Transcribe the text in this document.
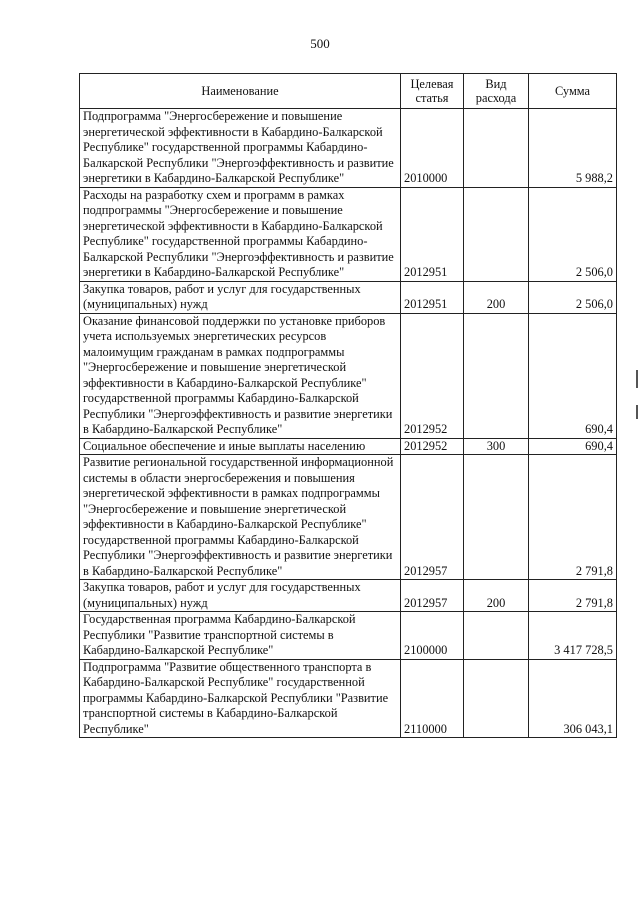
500
Наименование	Целевая статья	Вид расхода	Сумма
Подпрограмма "Энергосбережение и повышение энергетической эффективности в Кабардино-Балкарской Республике" государственной программы Кабардино-Балкарской Республики "Энергоэффективность и развитие энергетики в Кабардино-Балкарской Республике"	2010000		5 988,2
Расходы на разработку схем и программ в рамках подпрограммы "Энергосбережение и повышение энергетической эффективности в Кабардино-Балкарской Республике" государственной программы Кабардино-Балкарской Республики "Энергоэффективность и развитие энергетики в Кабардино-Балкарской Республике"	2012951		2 506,0
Закупка товаров, работ и услуг для государственных (муниципальных) нужд	2012951	200	2 506,0
Оказание финансовой поддержки по установке приборов учета используемых энергетических ресурсов малоимущим гражданам в рамках подпрограммы "Энергосбережение и повышение энергетической эффективности в Кабардино-Балкарской Республике" государственной программы Кабардино-Балкарской Республики "Энергоэффективность и развитие энергетики в Кабардино-Балкарской Республике"	2012952		690,4
Социальное обеспечение и иные выплаты населению	2012952	300	690,4
Развитие региональной государственной информационной системы в области энергосбережения и повышения энергетической эффективности в рамках подпрограммы "Энергосбережение и повышение энергетической эффективности в Кабардино-Балкарской Республике" государственной программы Кабардино-Балкарской Республики "Энергоэффективность и развитие энергетики в Кабардино-Балкарской Республике"	2012957		2 791,8
Закупка товаров, работ и услуг для государственных (муниципальных) нужд	2012957	200	2 791,8
Государственная программа Кабардино-Балкарской Республики "Развитие транспортной системы в Кабардино-Балкарской Республике"	2100000		3 417 728,5
Подпрограмма "Развитие общественного транспорта в Кабардино-Балкарской Республике" государственной программы Кабардино-Балкарской Республики "Развитие транспортной системы в Кабардино-Балкарской Республике"	2110000		306 043,1
